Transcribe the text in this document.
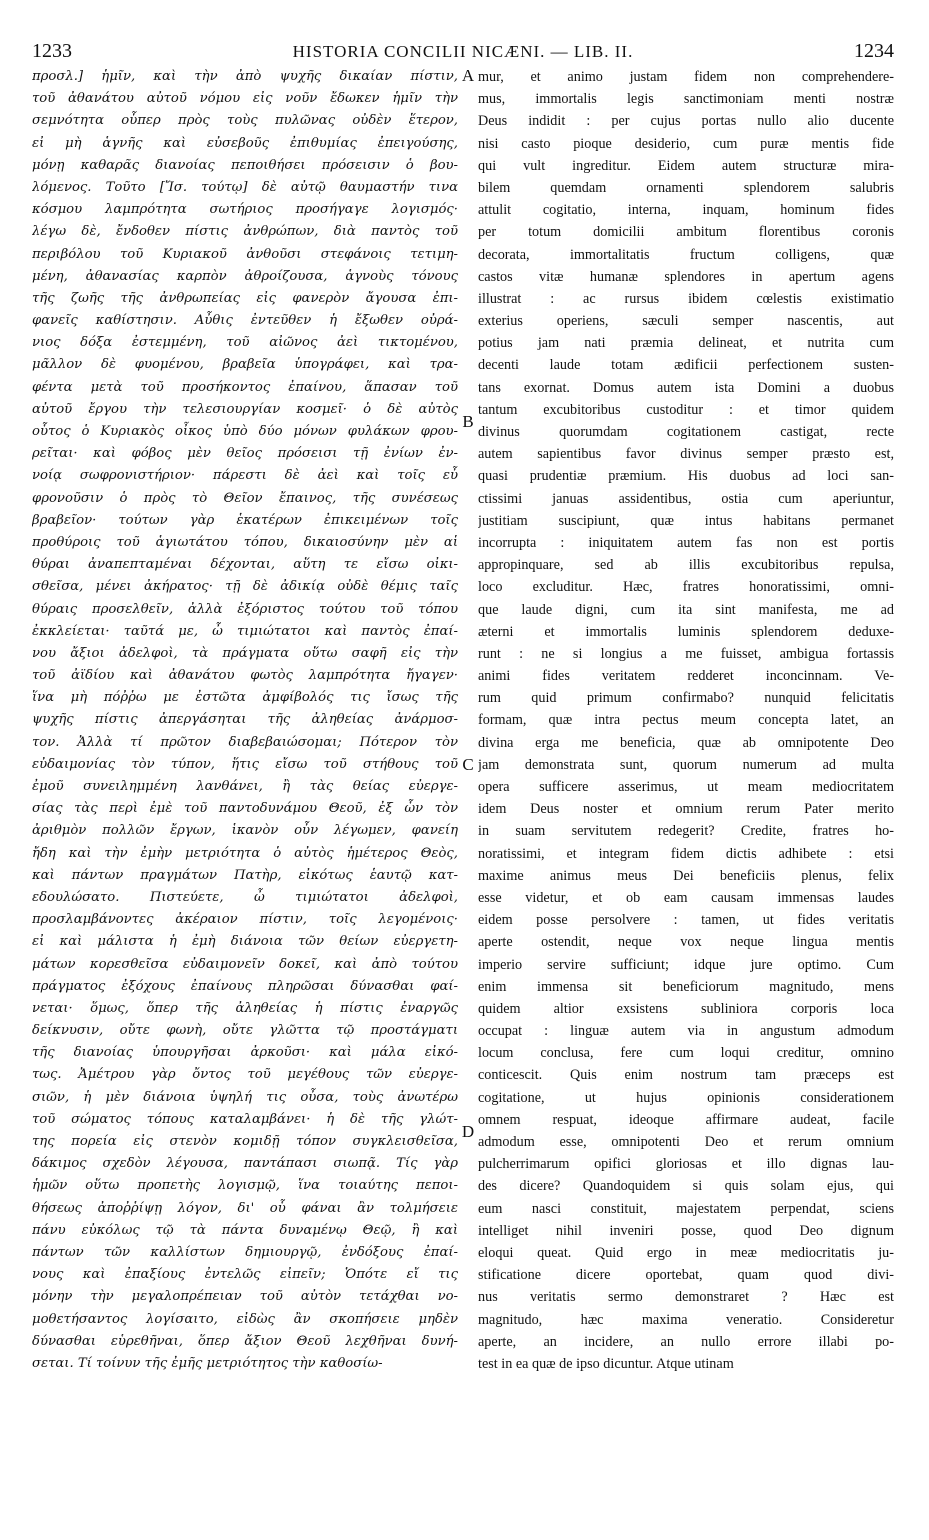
1233	HISTORIA CONCILII NICÆNI. — LIB. II.	1234
προσλ.] ἡμῖν, καὶ τὴν ἀπὸ ψυχῆς δικαίαν πίστιν,
τοῦ ἀθανάτου αὐτοῦ νόμου εἰς νοῦν ἔδωκεν ἡμῖν τὴν
σεμνότητα οὗπερ πρὸς τοὺς πυλῶνας οὐδὲν ἕτερον,
εἰ μὴ ἁγνῆς καὶ εὐσεβοῦς ἐπιθυμίας ἐπειγούσης,
μόνῃ καθαρᾶς διανοίας πεποιθήσει πρόσεισιν ὁ βου-
λόμενος. Τοῦτο [Ἴσ. τούτῳ] δὲ αὐτῷ θαυμαστήν τινα
κόσμου λαμπρότητα σωτήριος προσήγαγε λογισμός·
λέγω δὲ, ἔνδοθεν πίστις ἀνθρώπων, διὰ παντὸς τοῦ
περιβόλου τοῦ Κυριακοῦ ἀνθοῦσι στεφάνοις τετιμη-
μένη, ἀθανασίας καρπὸν ἀθροίζουσα, ἁγνοὺς τόνους
τῆς ζωῆς τῆς ἀνθρωπείας εἰς φανερὸν ἄγουσα ἐπι-
φανεῖς καθίστησιν. Αὖθις ἐντεῦθεν ἡ ἔξωθεν οὐρά-
νιος δόξα ἐστεμμένη, τοῦ αἰῶνος ἀεὶ τικτομένου,
μᾶλλον δὲ φυομένου, βραβεῖα ὑπογράφει, καὶ τρα-
φέντα μετὰ τοῦ προσήκοντος ἐπαίνου, ἅπασαν τοῦ
αὐτοῦ ἔργου τὴν τελεσιουργίαν κοσμεῖ· ὁ δὲ αὐτὸς
οὗτος ὁ Κυριακὸς οἶκος ὑπὸ δύο μόνων φυλάκων φρου-
ρεῖται· καὶ φόβος μὲν θεῖος πρόσεισι τῇ ἐνίων ἐν-
νοίᾳ σωφρονιστήριον· πάρεστι δὲ ἀεὶ καὶ τοῖς εὖ
φρονοῦσιν ὁ πρὸς τὸ Θεῖον ἔπαινος, τῆς συνέσεως
βραβεῖον· τούτων γὰρ ἑκατέρων ἐπικειμένων τοῖς
προθύροις τοῦ ἁγιωτάτου τόπου, δικαιοσύνην μὲν αἱ
θύραι ἀναπεπταμέναι δέχονται, αὕτη τε εἴσω οἰκι-
σθεῖσα, μένει ἀκήρατος· τῇ δὲ ἀδικίᾳ οὐδὲ θέμις ταῖς
θύραις προσελθεῖν, ἀλλὰ ἐξόριστος τούτου τοῦ τόπου
ἐκκλείεται· ταῦτά με, ὦ τιμιώτατοι καὶ παντὸς ἐπαί-
νου ἄξιοι ἀδελφοὶ, τὰ πράγματα οὕτω σαφῆ εἰς τὴν
τοῦ ἀϊδίου καὶ ἀθανάτου φωτὸς λαμπρότητα ἤγαγεν·
ἵνα μὴ πόῤῥω με ἐστῶτα ἀμφίβολός τις ἴσως τῆς
ψυχῆς πίστις ἀπεργάσηται τῆς ἀληθείας ἀνάρμοσ-
τον. Ἀλλὰ τί πρῶτον διαβεβαιώσομαι; Πότερον τὸν
εὐδαιμονίας τὸν τύπον, ἥτις εἴσω τοῦ στήθους τοῦ
ἐμοῦ συνειλημμένη λανθάνει, ἢ τὰς θείας εὐεργε-
σίας τὰς περὶ ἐμὲ τοῦ παντοδυνάμου Θεοῦ, ἐξ ὧν τὸν
ἀριθμὸν πολλῶν ἔργων, ἱκανὸν οὖν λέγωμεν, φανείη
ἤδη καὶ τὴν ἐμὴν μετριότητα ὁ αὐτὸς ἡμέτερος Θεὸς,
καὶ πάντων πραγμάτων Πατὴρ, εἰκότως ἑαυτῷ κατ-
εδουλώσατο. Πιστεύετε, ὦ τιμιώτατοι ἀδελφοὶ,
προσλαμβάνοντες ἀκέραιον πίστιν, τοῖς λεγομένοις·
εἰ καὶ μάλιστα ἡ ἐμὴ διάνοια τῶν θείων εὐεργετη-
μάτων κορεσθεῖσα εὐδαιμονεῖν δοκεῖ, καὶ ἀπὸ τούτου
πράγματος ἐξόχους ἐπαίνους πληρῶσαι δύνασθαι φαί-
νεται· ὅμως, ὅπερ τῆς ἀληθείας ἡ πίστις ἐναργῶς
δείκνυσιν, οὔτε φωνὴ, οὔτε γλῶττα τῷ προστάγματι
τῆς διανοίας ὑπουργῆσαι ἀρκοῦσι· καὶ μάλα εἰκό-
τως. Ἀμέτρου γὰρ ὄντος τοῦ μεγέθους τῶν εὐεργε-
σιῶν, ἡ μὲν διάνοια ὑψηλή τις οὖσα, τοὺς ἀνωτέρω
τοῦ σώματος τόπους καταλαμβάνει· ἡ δὲ τῆς γλώτ-
της πορεία εἰς στενὸν κομιδῇ τόπον συγκλεισθεῖσα,
δάκιμος σχεδὸν λέγουσα, παντάπασι σιωπᾷ. Τίς γὰρ
ἡμῶν οὕτω προπετὴς λογισμῷ, ἵνα τοιαύτης πεποι-
θήσεως ἀποῤῥίψῃ λόγον, δι' οὗ φάναι ἂν τολμήσειε
πάνυ εὐκόλως τῷ τὰ πάντα δυναμένῳ Θεῷ, ἢ καὶ
πάντων τῶν καλλίστων δημιουργῷ, ἐνδόξους ἐπαί-
νους καὶ ἐπαξίους ἐντελῶς εἰπεῖν; Ὁπότε εἴ τις
μόνην τὴν μεγαλοπρέπειαν τοῦ αὐτὸν τετάχθαι νο-
μοθετήσαντος λογίσαιτο, εἰδὼς ἂν σκοπήσειε μηδὲν
δύνασθαι εὑρεθῆναι, ὅπερ ἄξιον Θεοῦ λεχθῆναι δυνή-
σεται. Τί τοίνυν τῆς ἐμῆς μετριότητος τὴν καθοσίω-
mur, et animo justam fidem non comprehendere-
mus, immortalis legis sanctimoniam menti nostræ
Deus indidit : per cujus portas nullo alio ducente
nisi casto pioque desiderio, cum puræ mentis fide
qui vult ingreditur. Eidem autem structuræ mira-
bilem quemdam ornamenti splendorem salubris
attulit cogitatio, interna, inquam, hominum fides
per totum domicilii ambitum florentibus coronis
decorata, immortalitatis fructum colligens, quæ
castos vitæ humanæ splendores in apertum agens
illustrat : ac rursus ibidem cœlestis existimatio
exterius operiens, sæculi semper nascentis, aut
potius jam nati præmia delineat, et nutrita cum
decenti laude totam ædificii perfectionem susten-
tans exornat. Domus autem ista Domini a duobus
tantum excubitoribus custoditur : et timor quidem
divinus quorumdam cogitationem castigat, recte
autem sapientibus favor divinus semper præsto est,
quasi prudentiæ præmium. His duobus ad loci san-
ctissimi januas assidentibus, ostia cum aperiuntur,
justitiam suscipiunt, quæ intus habitans permanet
incorrupta : iniquitatem autem fas non est portis
appropinquare, sed ab illis excubitoribus repulsa,
loco excluditur. Hæc, fratres honoratissimi, omni-
que laude digni, cum ita sint manifesta, me ad
æterni et immortalis luminis splendorem deduxe-
runt : ne si longius a me fuisset, ambigua fortassis
animi fides veritatem redderet inconcinnam. Ve-
rum quid primum confirmabo? nunquid felicitatis
formam, quæ intra pectus meum concepta latet, an
divina erga me beneficia, quæ ab omnipotente Deo
jam demonstrata sunt, quorum numerum ad multa
opera sufficere asserimus, ut meam mediocritatem
idem Deus noster et omnium rerum Pater merito
in suam servitutem redegerit? Credite, fratres ho-
noratissimi, et integram fidem dictis adhibete : etsi
maxime animus meus Dei beneficiis plenus, felix
esse videtur, et ob eam causam immensas laudes
eidem posse persolvere : tamen, ut fides veritatis
aperte ostendit, neque vox neque lingua mentis
imperio servire sufficiunt; idque jure optimo. Cum
enim immensa sit beneficiorum magnitudo, mens
quidem altior exsistens subliniora corporis loca
occupat : linguæ autem via in angustum admodum
locum conclusa, fere cum loqui creditur, omnino
conticescit. Quis enim nostrum tam præceps est
cogitatione, ut hujus opinionis considerationem
omnem respuat, ideoque affirmare audeat, facile
admodum esse, omnipotenti Deo et rerum omnium
pulcherrimarum opifici gloriosas et illo dignas lau-
des dicere? Quandoquidem si quis solam ejus, qui
eum nasci constituit, majestatem perpendat, sciens
intelliget nihil inveniri posse, quod Deo dignum
eloqui queat. Quid ergo in meæ mediocritatis ju-
stificatione dicere oportebat, quam quod divi-
nus veritatis sermo demonstraret ? Hæc est
magnitudo, hæc maxima veneratio. Consideretur
aperte, an incidere, an nullo errore illabi po-
test in ea quæ de ipso dicuntur. Atque utinam
A
B
C
D
